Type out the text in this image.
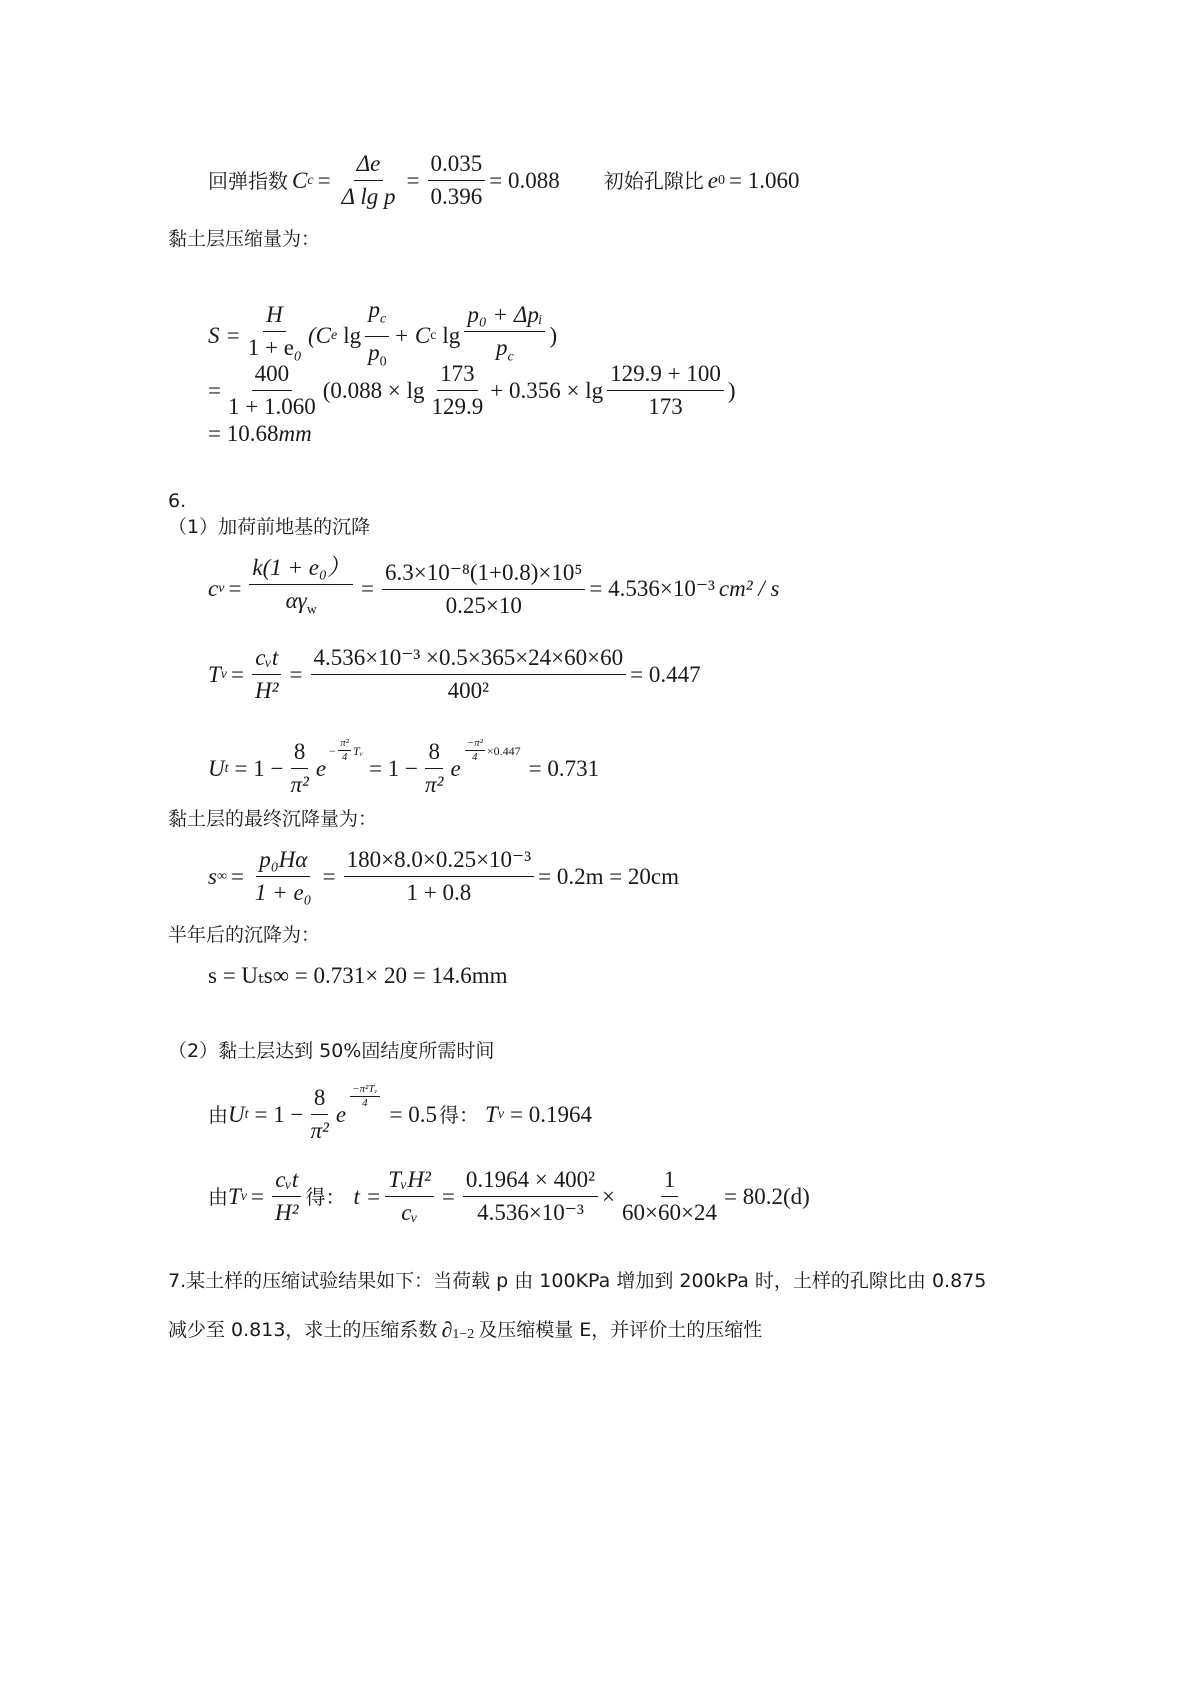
回弹指数 C $c = \frac{\Delta e}{\text{Δ lg p}} = \frac{0.035}{0.396} = 0.088$ 初始孔隙比 e 0 = 1.060
黏土层压缩量为：
$S = \frac{H}{1 + e_0} (C$ e $\lg \frac{p_c}{p_0} + C$ c $\lg \frac{\text{p₀ + Δpᵢ}}{p_c}$ )
= $\frac{400}{1 + 1.060} (0.088 \times \lg \frac{173}{129.9} + 0.356 \times \lg \frac{129.9 + 100}{173}$ )
= 10.68 mm
6.
（1）加荷前地基的沉降
c $v = \frac{\text{k(1 + e₀）}}{\alpha\gamma_w} = \frac{\text{6.3×10⁻⁸(1+0.8)×10⁵}}{0.25\times 10} = 4.536\times 10^{-3}$ cm² / s
T $v = \frac{\text{cᵥt}}{\text{H²}} = \frac{\text{4.536×10⁻³ ×0.5×365×24×60×60}}{\text{400²}} = 0.447$
U $t = 1 - \frac{8}{\text{π²}}$ e
− $\frac{\text{π²}}{4}$ Tᵥ
= $1 - \frac{8}{\text{π²}}$ e
$\frac{\text{−π²}}{4} \times 0.447$
= 0.731
黏土层的最终沉降量为：
s ∞ = $\frac{\text{p₀Hα}}{\text{1 + e₀}} = \frac{\text{180×8.0×0.25×10⁻³}}{1 + 0.8} = 0.2m = 20cm$
半年后的沉降为：
s = Uₜs∞ = 0.731× 20 = 14.6mm
（2）黏土层达到 50%固结度所需时间
由 U $t = 1 - \frac{8}{\text{π²}}$ e
$\frac{\text{−π²Tᵥ}}{4}$
= 0.5 得： T v = 0.1964
由 T $v = \frac{\text{cᵥt}}{\text{H²}}$ 得： $t = \frac{\text{TᵥH²}}{\text{cᵥ}} = \frac{\text{0.1964 × 400²}}{\text{4.536×10⁻³}} \times \frac{1}{60\times 60\times 24} = 80.2(d)$
7.某土样的压缩试验结果如下：当荷载 p 由 100KPa 增加到 200kPa 时，土样的孔隙比由 0.875
减少至 0.813，求土的压缩系数 $\partial_{1-2}$ 及压缩模量 E，并评价土的压缩性
